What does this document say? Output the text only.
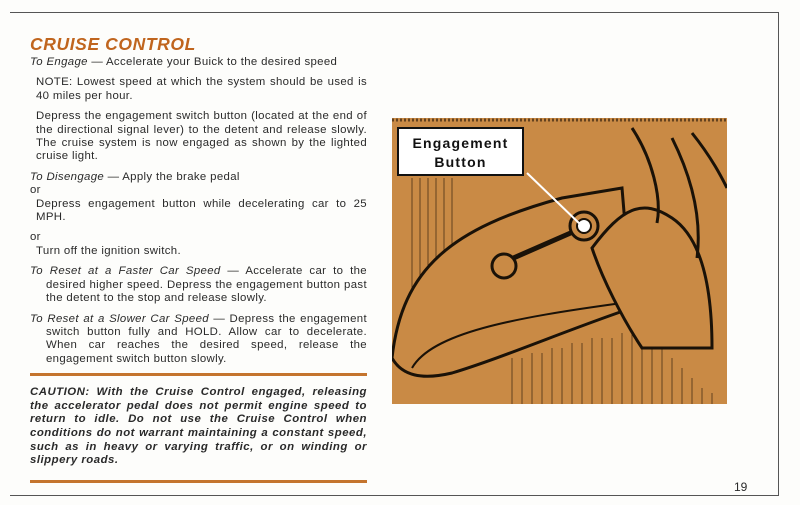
CRUISE CONTROL

To Engage — Accelerate your Buick to the desired speed

NOTE: Lowest speed at which the system should be used is 40 miles per hour.

Depress the engagement switch button (located at the end of the directional signal lever) to the detent and release slowly. The cruise system is now engaged as shown by the lighted cruise light.

To Disengage — Apply the brake pedal

or

Depress engagement button while decelerating car to 25 MPH.

or

Turn off the ignition switch.

To Reset at a Faster Car Speed — Accelerate car to the desired higher speed. Depress the engagement button past the detent to the stop and release slowly.

To Reset at a Slower Car Speed — Depress the engagement switch button fully and HOLD. Allow car to decelerate. When car reaches the desired speed, release the engagement switch button slowly.

CAUTION: With the Cruise Control engaged, releasing the accelerator pedal does not permit engine speed to return to idle. Do not use the Cruise Control when conditions do not warrant maintaining a constant speed, such as in heavy or varying traffic, or on winding or slippery roads.
Engagement
Button
19
